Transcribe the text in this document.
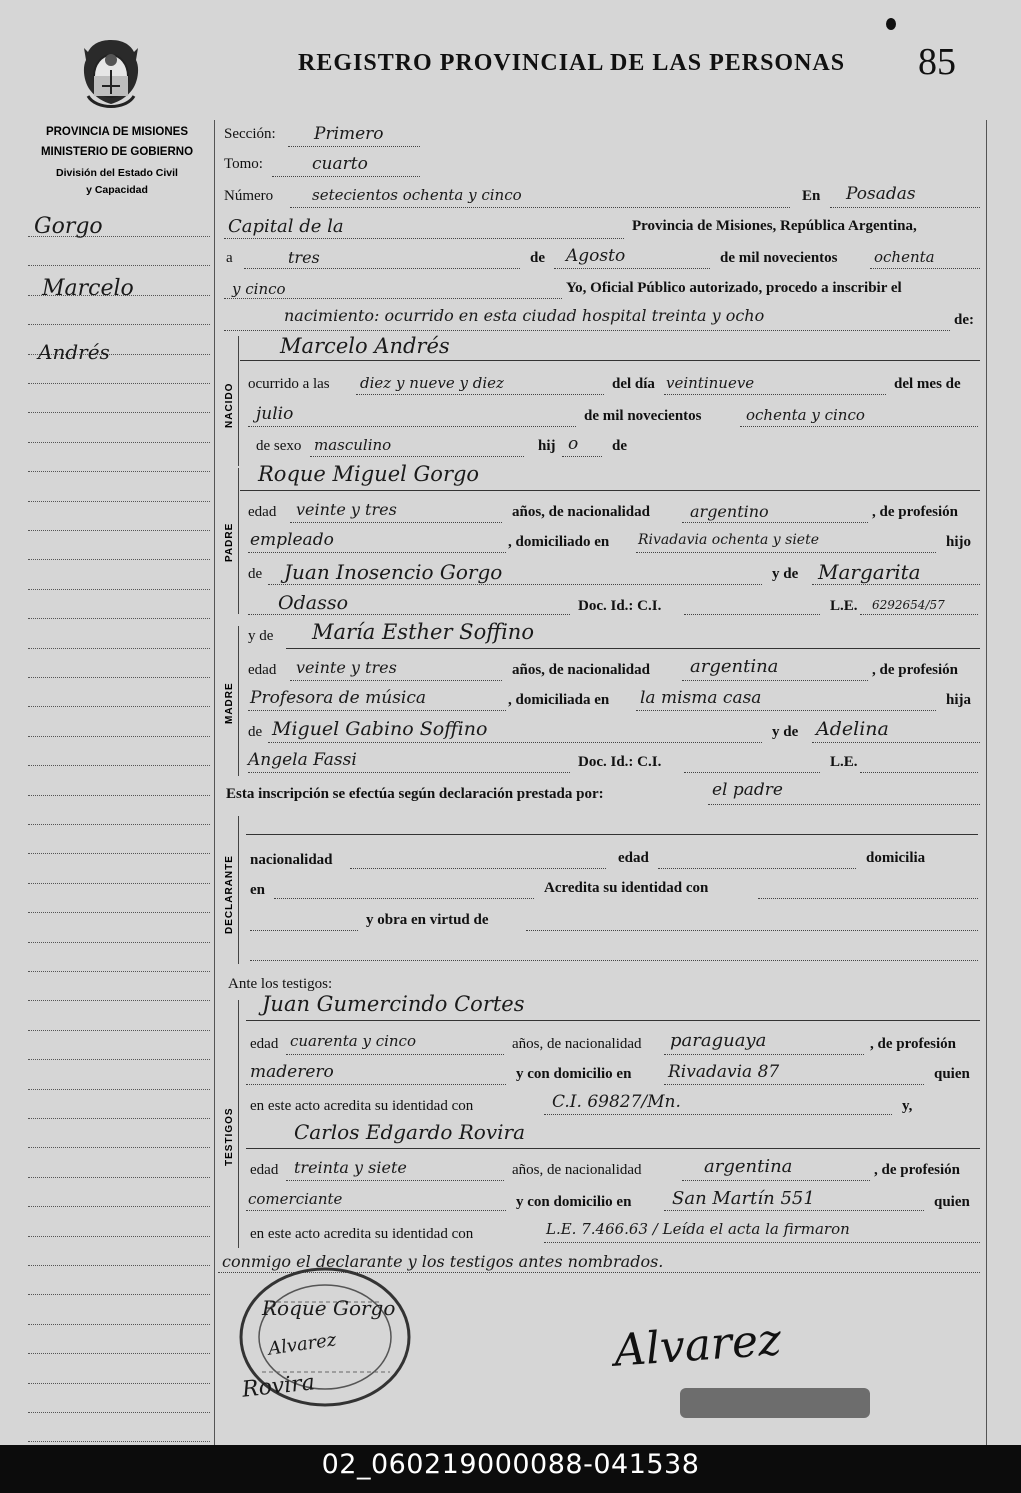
PROVINCIA DE MISIONES
MINISTERIO DE GOBIERNO
División del Estado Civil
y Capacidad
REGISTRO PROVINCIAL DE LAS PERSONAS 85
Gorgo
Marcelo
Andrés
Sección: Primero
Tomo:	cuarto
Número	setecientos ochenta y cinco	En Posadas
Capital de la	Provincia de Misiones, República Argentina,
a	tres	de Agosto	de mil novecientos ochenta
y cinco	Yo, Oficial Público autorizado, procedo a inscribir el
nacimiento: ocurrido en esta ciudad hospital treinta y ocho	de:
NACIDO
Marcelo Andrés
ocurrido a las diez y nueve y diez	del día veintinueve	del mes de
julio	de mil novecientos	ochenta y cinco
de sexo masculino	hij o de
PADRE
Roque Miguel Gorgo
edad veinte y tres	años, de nacionalidad	argentino	, de profesión
empleado	, domiciliado en Rivadavia ochenta y siete	hijo
de Juan Inosencio Gorgo	y de Margarita
Odasso	Doc. Id.: C.I.	L.E. 6292654/57
MADRE
y de María Esther Soffino
edad veinte y tres	años, de nacionalidad argentina	, de profesión
Profesora de música	, domiciliada en la misma casa	hija
de Miguel Gabino Soffino	y de Adelina
Angela Fassi	Doc. Id.: C.I.	L.E.
Esta inscripción se efectúa según declaración prestada por:	el padre
DECLARANTE nacionalidad	edad	domicilia
en	Acredita su identidad con
y obra en virtud de
Ante los testigos:
TESTIGOS
Juan Gumercindo Cortes
edad cuarenta y cinco	años, de nacionalidad paraguaya	, de profesión
maderero	y con domicilio en Rivadavia 87	quien
en este acto acredita su identidad con	C.I. 69827/Mn.	y,
Carlos Edgardo Rovira
edad treinta y siete	años, de nacionalidad	argentina	, de profesión
comerciante	y con domicilio en San Martín 551	quien
en este acto acredita su identidad con	L.E. 7.466.63 / Leída el acta la firmaron
conmigo el declarante y los testigos antes nombrados.
Roque Gorgo
Alvarez
Rovira
Alvarez
02_060219000088-041538
